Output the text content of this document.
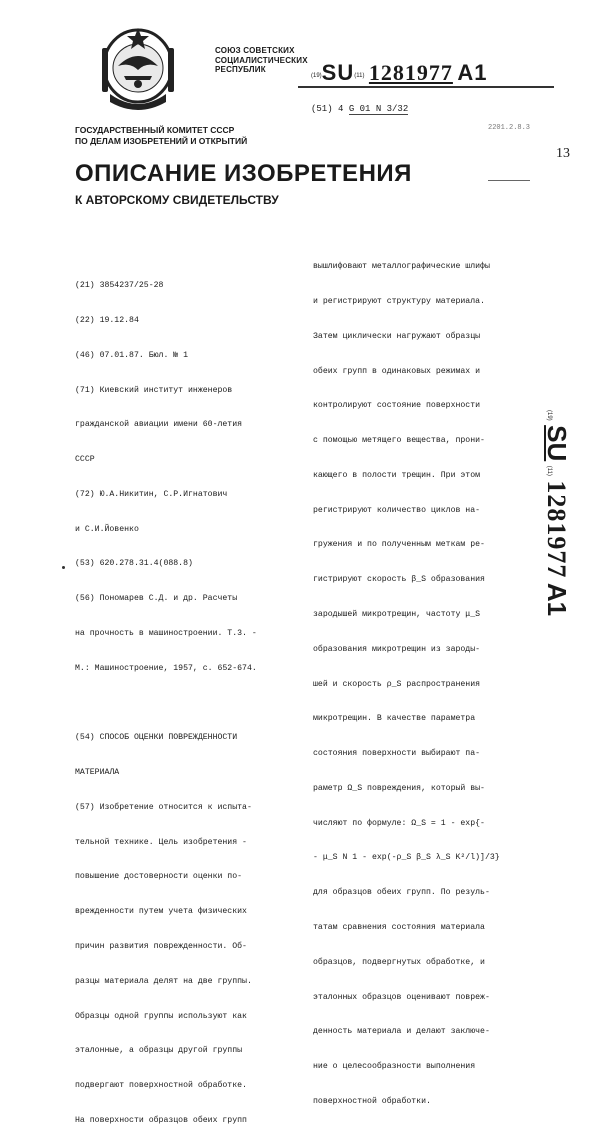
СОЮЗ СОВЕТСКИХ
СОЦИАЛИСТИЧЕСКИХ
РЕСПУБЛИК
(19)SU(11) 1281977 A1
(51) 4 G 01 N 3/32
2201.2.8.3
13
ГОСУДАРСТВЕННЫЙ КОМИТЕТ СССР
ПО ДЕЛАМ ИЗОБРЕТЕНИЙ И ОТКРЫТИЙ
ОПИСАНИЕ ИЗОБРЕТЕНИЯ
К АВТОРСКОМУ СВИДЕТЕЛЬСТВУ

(21) 3854237/25-28

(22) 19.12.84

(46) 07.01.87. Бюл. № 1

(71) Киевский институт инженеров

гражданской авиации имени 60-летия

СССР

(72) Ю.А.Никитин, С.Р.Игнатович

и С.И.Йовенко

(53) 620.278.31.4(088.8)

(56) Пономарев С.Д. и др. Расчеты

на прочность в машиностроении. Т.3. -

М.: Машиностроение, 1957, с. 652-674.

(54) СПОСОБ ОЦЕНКИ ПОВРЕЖДЕННОСТИ

МАТЕРИАЛА

(57) Изобретение относится к испыта-

тельной технике. Цель изобретения -

повышение достоверности оценки по-

врежденности путем учета физических

причин развития поврежденности. Об-

разцы материала делят на две группы.

Образцы одной группы используют как

эталонные, а образцы другой группы

подвергают поверхностной обработке.

На поверхности образцов обеих групп

вышлифовают металлографические шлифы

и регистрируют структуру материала.

Затем циклически нагружают образцы

обеих групп в одинаковых режимах и

контролируют состояние поверхности

с помощью метящего вещества, прони-

кающего в полости трещин. При этом

регистрируют количество циклов на-

гружения и по полученным меткам ре-

гистрируют скорость β_S образования

зародышей микротрещин, частоту μ_S

образования микротрещин из зароды-

шей и скорость ρ_S распространения

микротрещин. В качестве параметра

состояния поверхности выбирают па-

раметр Ω_S повреждения, который вы-

числяют по формуле: Ω_S = 1 - exp{-

- μ_S N 1 - exp(-ρ_S β_S λ_S K²/l)]/3}

для образцов обеих групп. По резуль-

татам сравнения состояния материала

образцов, подвергнутых обработке, и

эталонных образцов оценивают повреж-

денность материала и делают заключе-

ние о целесообразности выполнения

поверхностной обработки.

(19) SU (11) 1281977 A1
